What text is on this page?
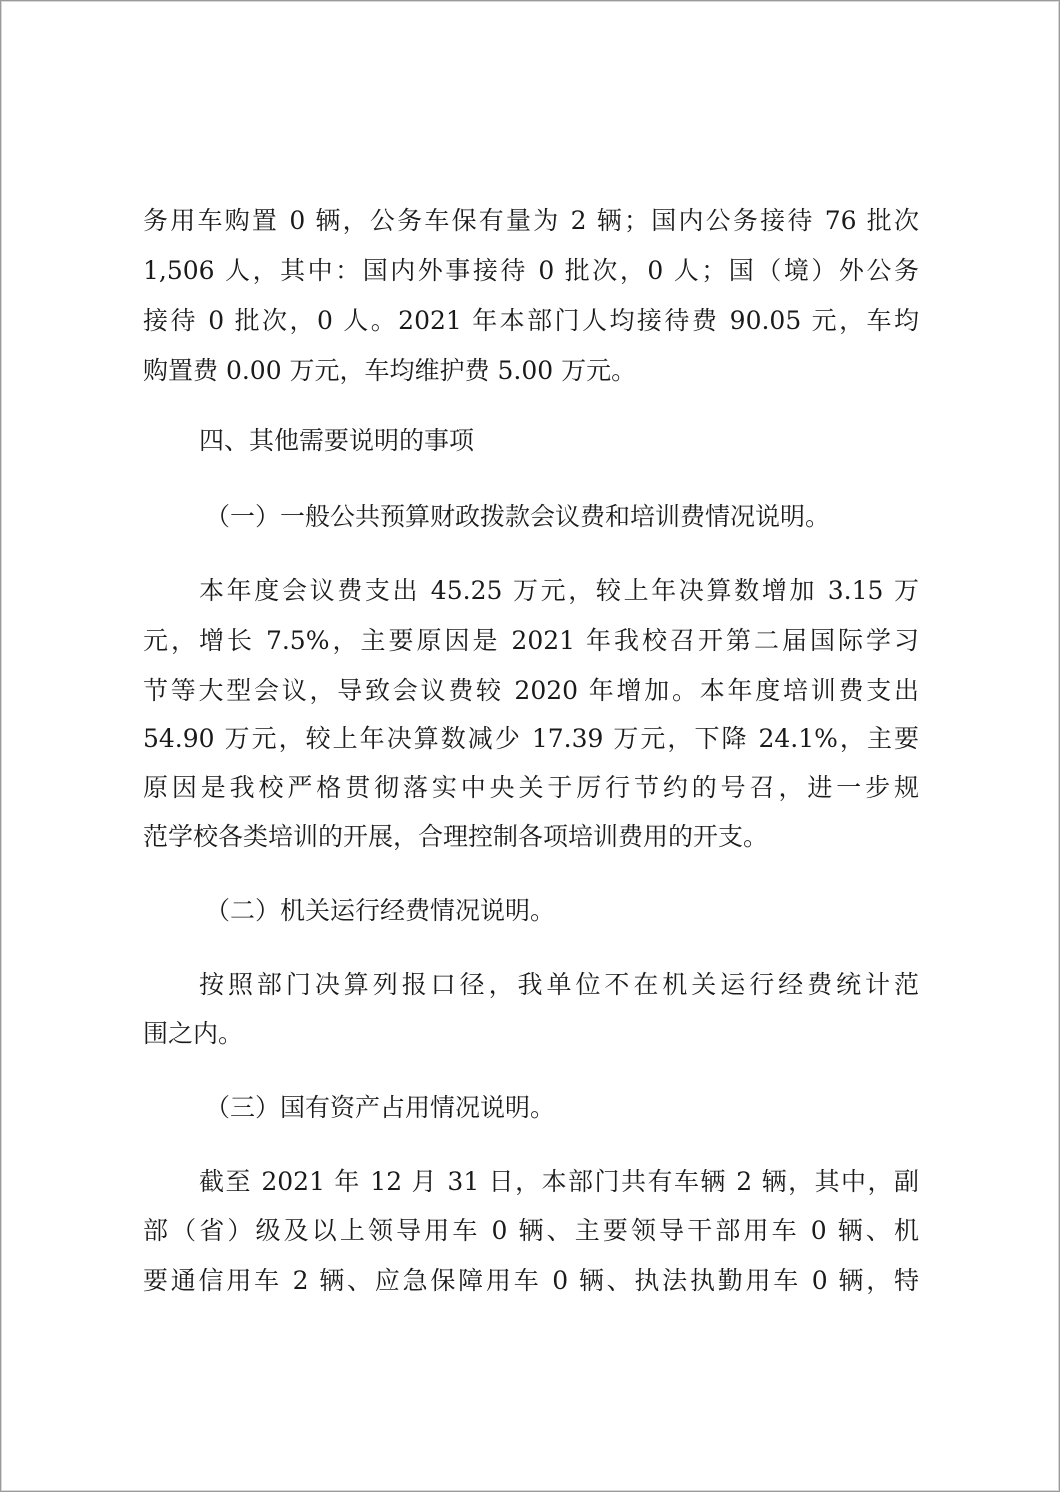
务用车购置 0 辆，公务车保有量为 2 辆；国内公务接待 76 批次

1,506 人，其中：国内外事接待 0 批次，0 人；国（境）外公务

接待 0 批次，0 人。2021 年本部门人均接待费 90.05 元，车均

购置费 0.00 万元，车均维护费 5.00 万元。

四、其他需要说明的事项

（一）一般公共预算财政拨款会议费和培训费情况说明。

本年度会议费支出 45.25 万元，较上年决算数增加 3.15 万

元，增长 7.5%，主要原因是 2021 年我校召开第二届国际学习

节等大型会议，导致会议费较 2020 年增加。本年度培训费支出

54.90 万元，较上年决算数减少 17.39 万元，下降 24.1%，主要

原因是我校严格贯彻落实中央关于厉行节约的号召，进一步规

范学校各类培训的开展，合理控制各项培训费用的开支。

（二）机关运行经费情况说明。

按照部门决算列报口径，我单位不在机关运行经费统计范

围之内。

（三）国有资产占用情况说明。

截至 2021 年 12 月 31 日，本部门共有车辆 2 辆，其中，副

部（省）级及以上领导用车 0 辆、主要领导干部用车 0 辆、机

要通信用车 2 辆、应急保障用车 0 辆、执法执勤用车 0 辆，特
